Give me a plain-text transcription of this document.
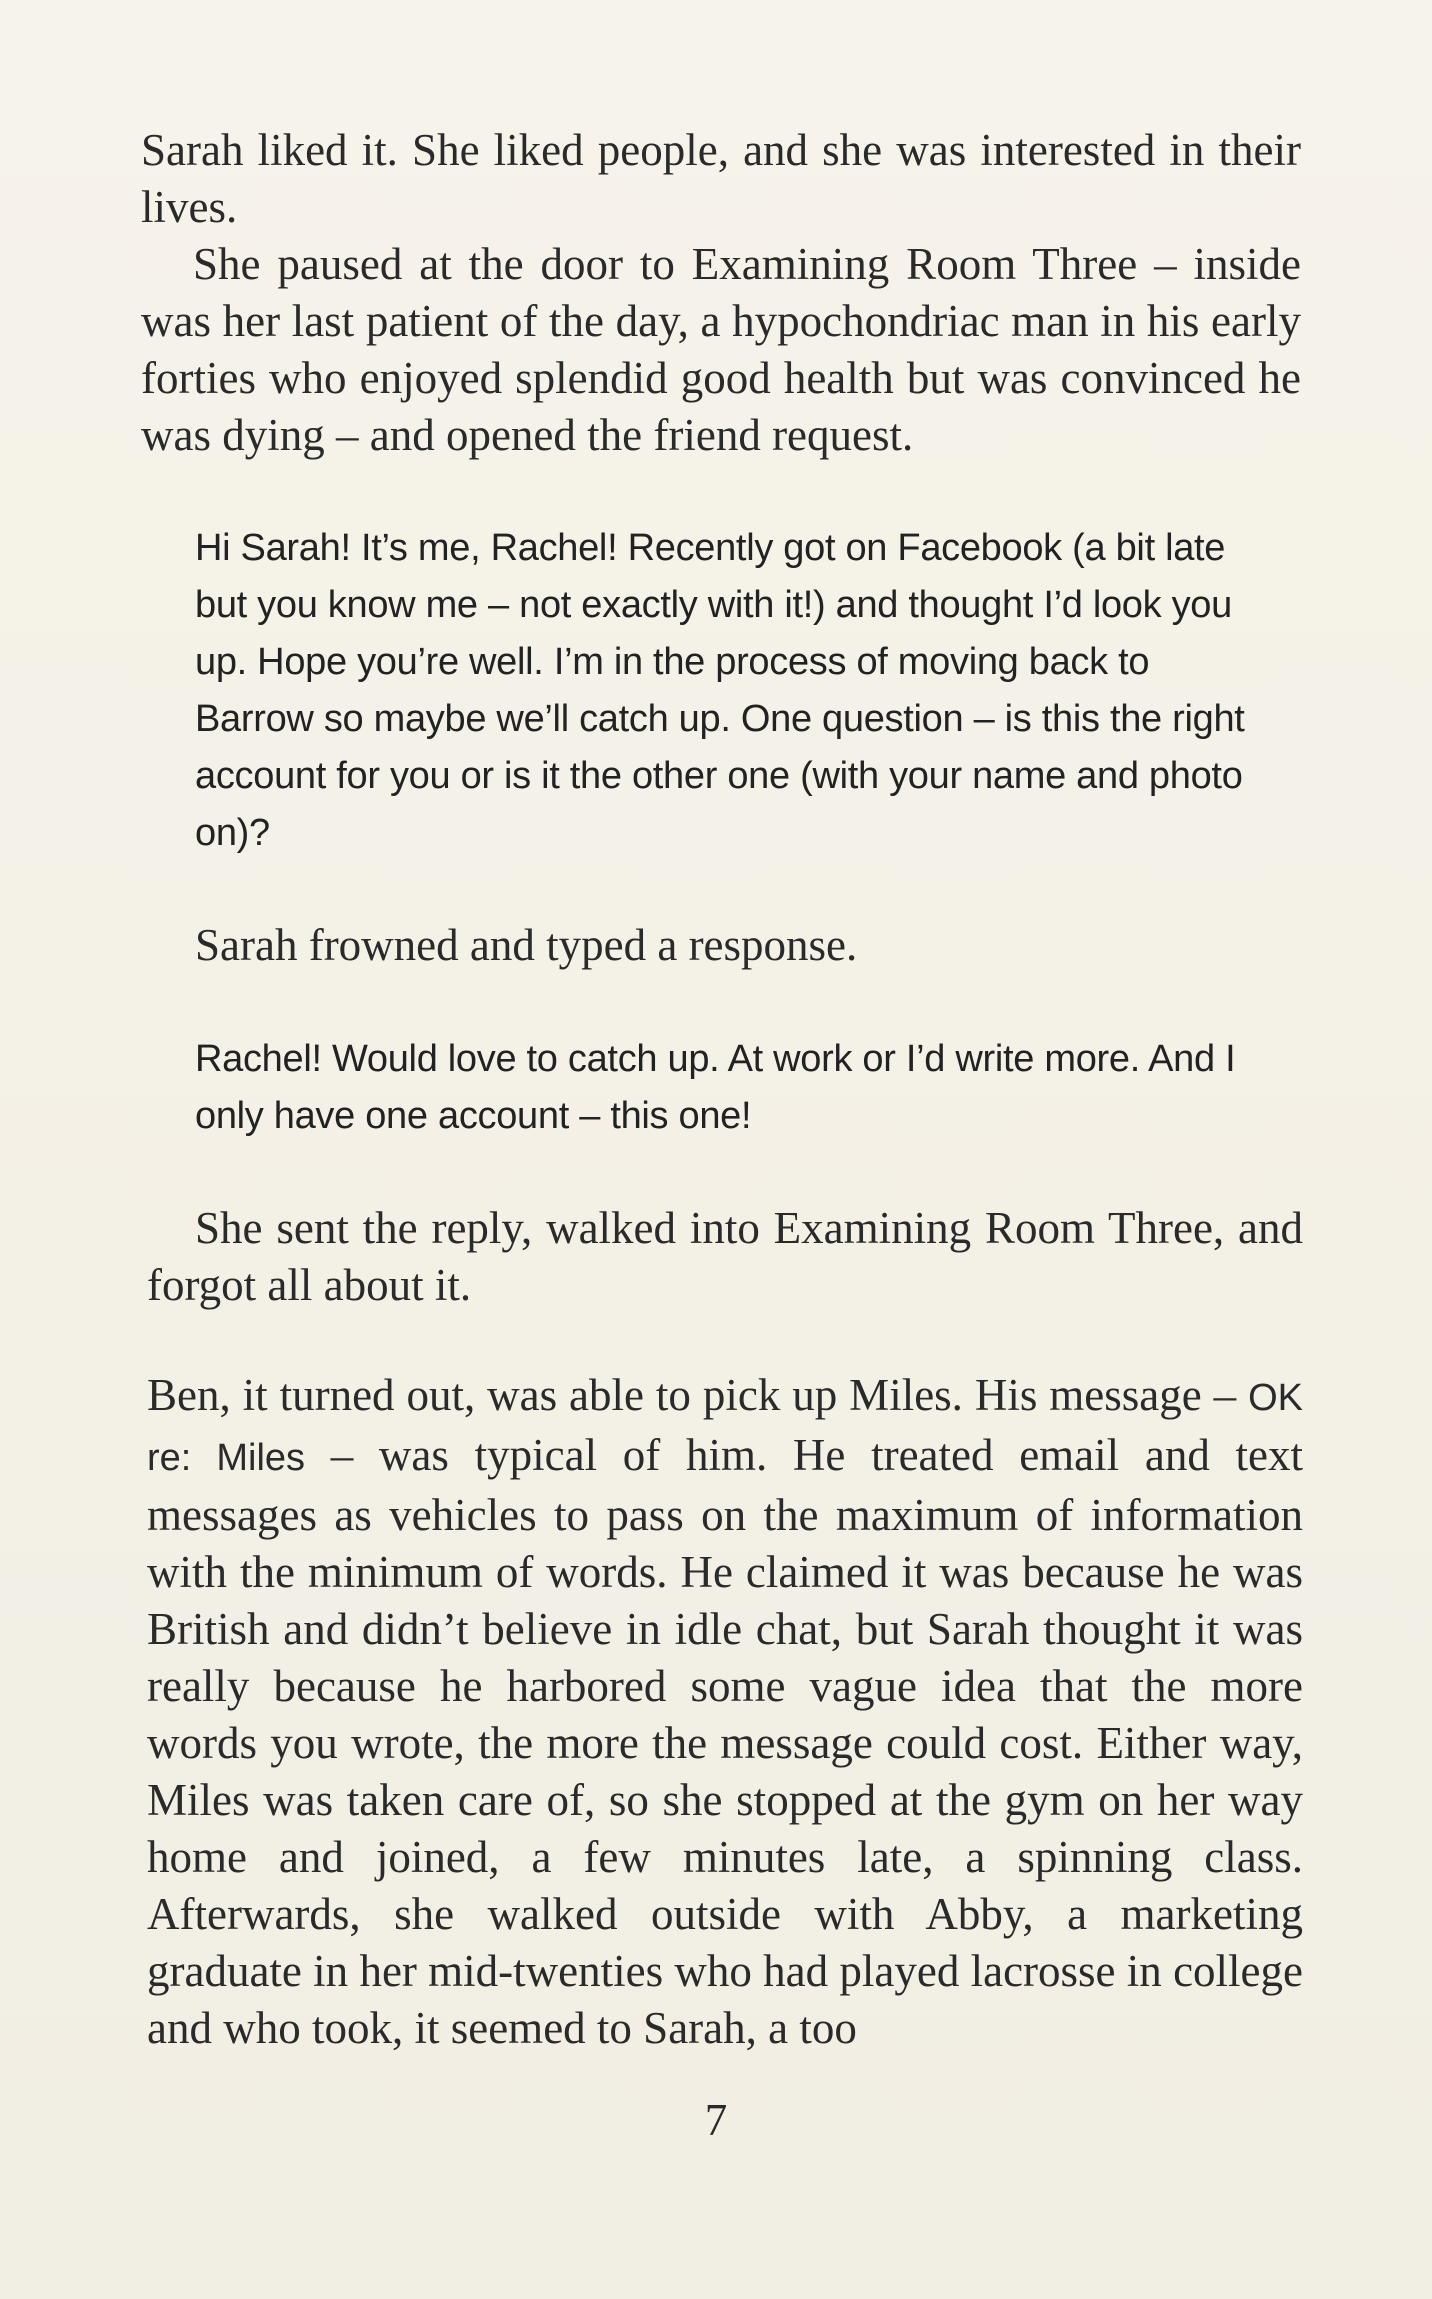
Sarah liked it. She liked people, and she was interested in their lives.

She paused at the door to Examining Room Three – inside was her last patient of the day, a hypochondriac man in his early forties who enjoyed splendid good health but was convinced he was dying – and opened the friend request.

Hi Sarah! It’s me, Rachel! Recently got on Facebook (a bit late but you know me – not exactly with it!) and thought I’d look you up. Hope you’re well. I’m in the process of moving back to Barrow so maybe we’ll catch up. One question – is this the right account for you or is it the other one (with your name and photo on)?

Sarah frowned and typed a response.

Rachel! Would love to catch up. At work or I’d write more. And I only have one account – this one!

She sent the reply, walked into Examining Room Three, and forgot all about it.

Ben, it turned out, was able to pick up Miles. His message – OK re: Miles – was typical of him. He treated email and text messages as vehicles to pass on the maximum of information with the minimum of words. He claimed it was because he was British and didn’t believe in idle chat, but Sarah thought it was really because he harbored some vague idea that the more words you wrote, the more the message could cost. Either way, Miles was taken care of, so she stopped at the gym on her way home and joined, a few minutes late, a spinning class. Afterwards, she walked outside with Abby, a marketing graduate in her mid-twenties who had played lacrosse in college and who took, it seemed to Sarah, a too

7
